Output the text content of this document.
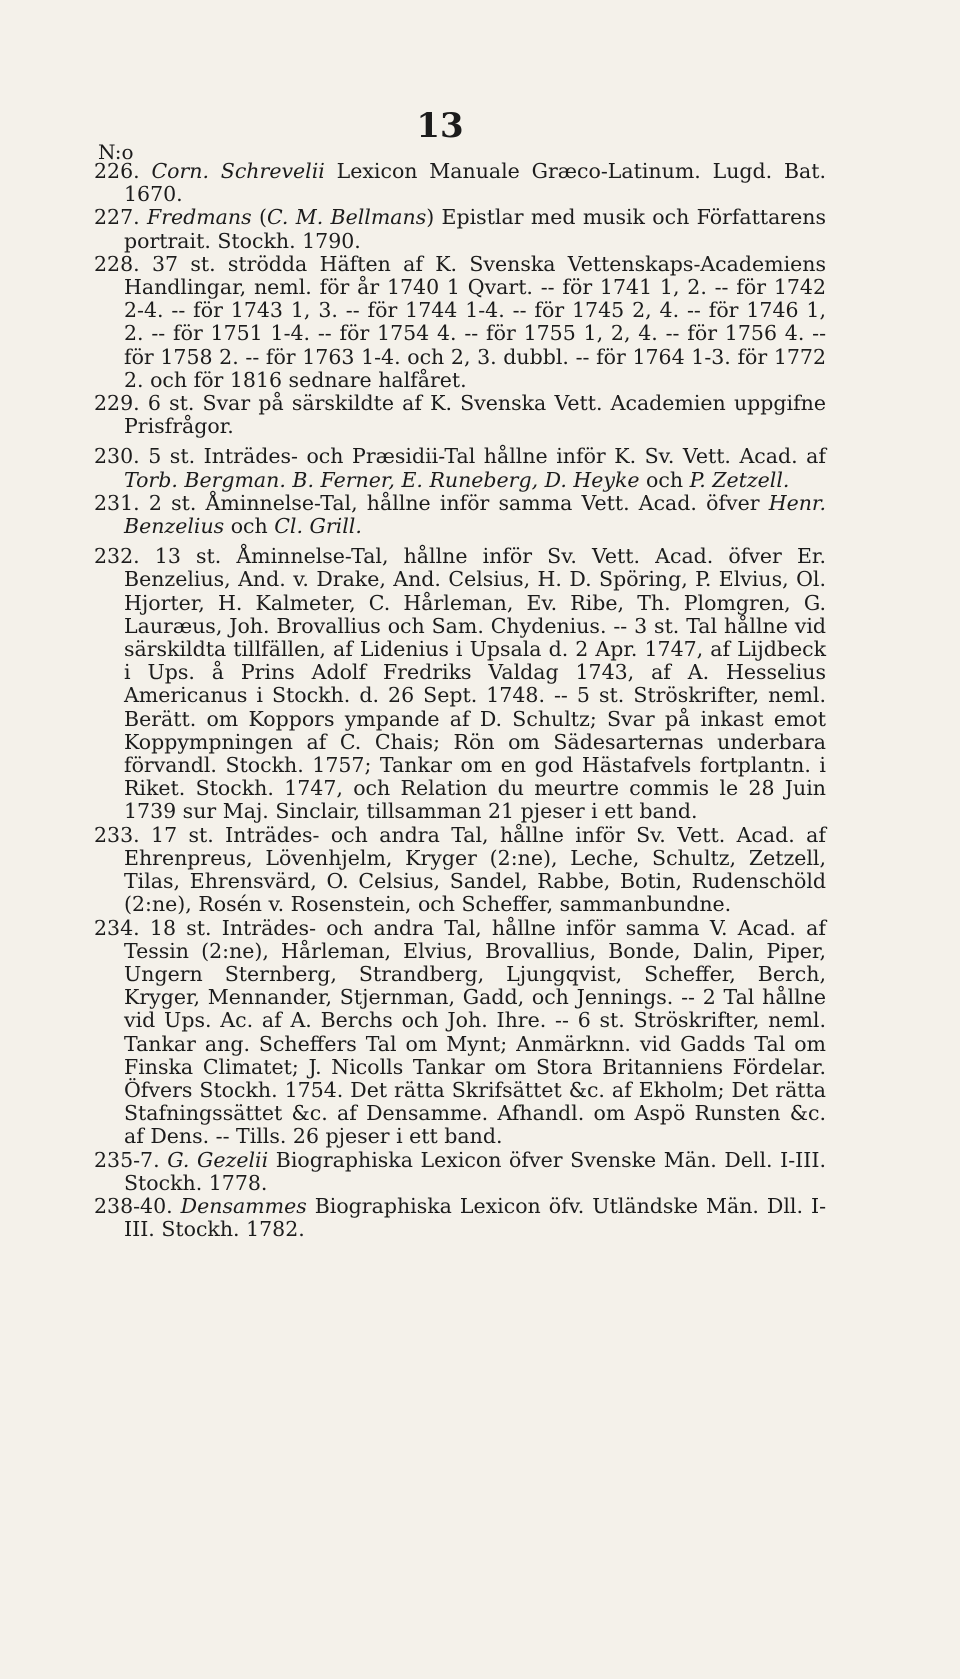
13
N:o

226. Corn. Schrevelii Lexicon Manuale Græco-Latinum. Lugd. Bat. 1670.

227. Fredmans (C. M. Bellmans) Epistlar med musik och Författarens portrait. Stockh. 1790.

228. 37 st. strödda Häften af K. Svenska Vettenskaps-Academiens Handlingar, neml. för år 1740 1 Qvart. -- för 1741 1, 2. -- för 1742 2-4. -- för 1743 1, 3. -- för 1744 1-4. -- för 1745 2, 4. -- för 1746 1, 2. -- för 1751 1-4. -- för 1754 4. -- för 1755 1, 2, 4. -- för 1756 4. -- för 1758 2. -- för 1763 1-4. och 2, 3. dubbl. -- för 1764 1-3. för 1772 2. och för 1816 sednare halfåret.

229. 6 st. Svar på särskildte af K. Svenska Vett. Academien uppgifne Prisfrågor.

230. 5 st. Inträdes- och Præsidii-Tal hållne inför K. Sv. Vett. Acad. af Torb. Bergman. B. Ferner, E. Runeberg, D. Heyke och P. Zetzell.

231. 2 st. Åminnelse-Tal, hållne inför samma Vett. Acad. öfver Henr. Benzelius och Cl. Grill.

232. 13 st. Åminnelse-Tal, hållne inför Sv. Vett. Acad. öfver Er. Benzelius, And. v. Drake, And. Celsius, H. D. Spöring, P. Elvius, Ol. Hjorter, H. Kalmeter, C. Hårleman, Ev. Ribe, Th. Plomgren, G. Lauræus, Joh. Brovallius och Sam. Chydenius. -- 3 st. Tal hållne vid särskildta tillfällen, af Lidenius i Upsala d. 2 Apr. 1747, af Lijdbeck i Ups. å Prins Adolf Fredriks Valdag 1743, af A. Hesselius Americanus i Stockh. d. 26 Sept. 1748. -- 5 st. Ströskrifter, neml. Berätt. om Koppors ympande af D. Schultz; Svar på inkast emot Koppympningen af C. Chais; Rön om Sädesarternas underbara förvandl. Stockh. 1757; Tankar om en god Hästafvels fortplantn. i Riket. Stockh. 1747, och Relation du meurtre commis le 28 Juin 1739 sur Maj. Sinclair, tillsamman 21 pjeser i ett band.

233. 17 st. Inträdes- och andra Tal, hållne inför Sv. Vett. Acad. af Ehrenpreus, Lövenhjelm, Kryger (2:ne), Leche, Schultz, Zetzell, Tilas, Ehrensvärd, O. Celsius, Sandel, Rabbe, Botin, Rudenschöld (2:ne), Rosén v. Rosenstein, och Scheffer, sammanbundne.

234. 18 st. Inträdes- och andra Tal, hållne inför samma V. Acad. af Tessin (2:ne), Hårleman, Elvius, Brovallius, Bonde, Dalin, Piper, Ungern Sternberg, Strandberg, Ljungqvist, Scheffer, Berch, Kryger, Mennander, Stjernman, Gadd, och Jennings. -- 2 Tal hållne vid Ups. Ac. af A. Berchs och Joh. Ihre. -- 6 st. Ströskrifter, neml. Tankar ang. Scheffers Tal om Mynt; Anmärknn. vid Gadds Tal om Finska Climatet; J. Nicolls Tankar om Stora Britanniens Fördelar. Öfvers Stockh. 1754. Det rätta Skrifsättet &c. af Ekholm; Det rätta Stafningssättet &c. af Densamme. Afhandl. om Aspö Runsten &c. af Dens. -- Tills. 26 pjeser i ett band.

235-7. G. Gezelii Biographiska Lexicon öfver Svenske Män. Dell. I-III. Stockh. 1778.

238-40. Densammes Biographiska Lexicon öfv. Utländske Män. Dll. I-III. Stockh. 1782.
